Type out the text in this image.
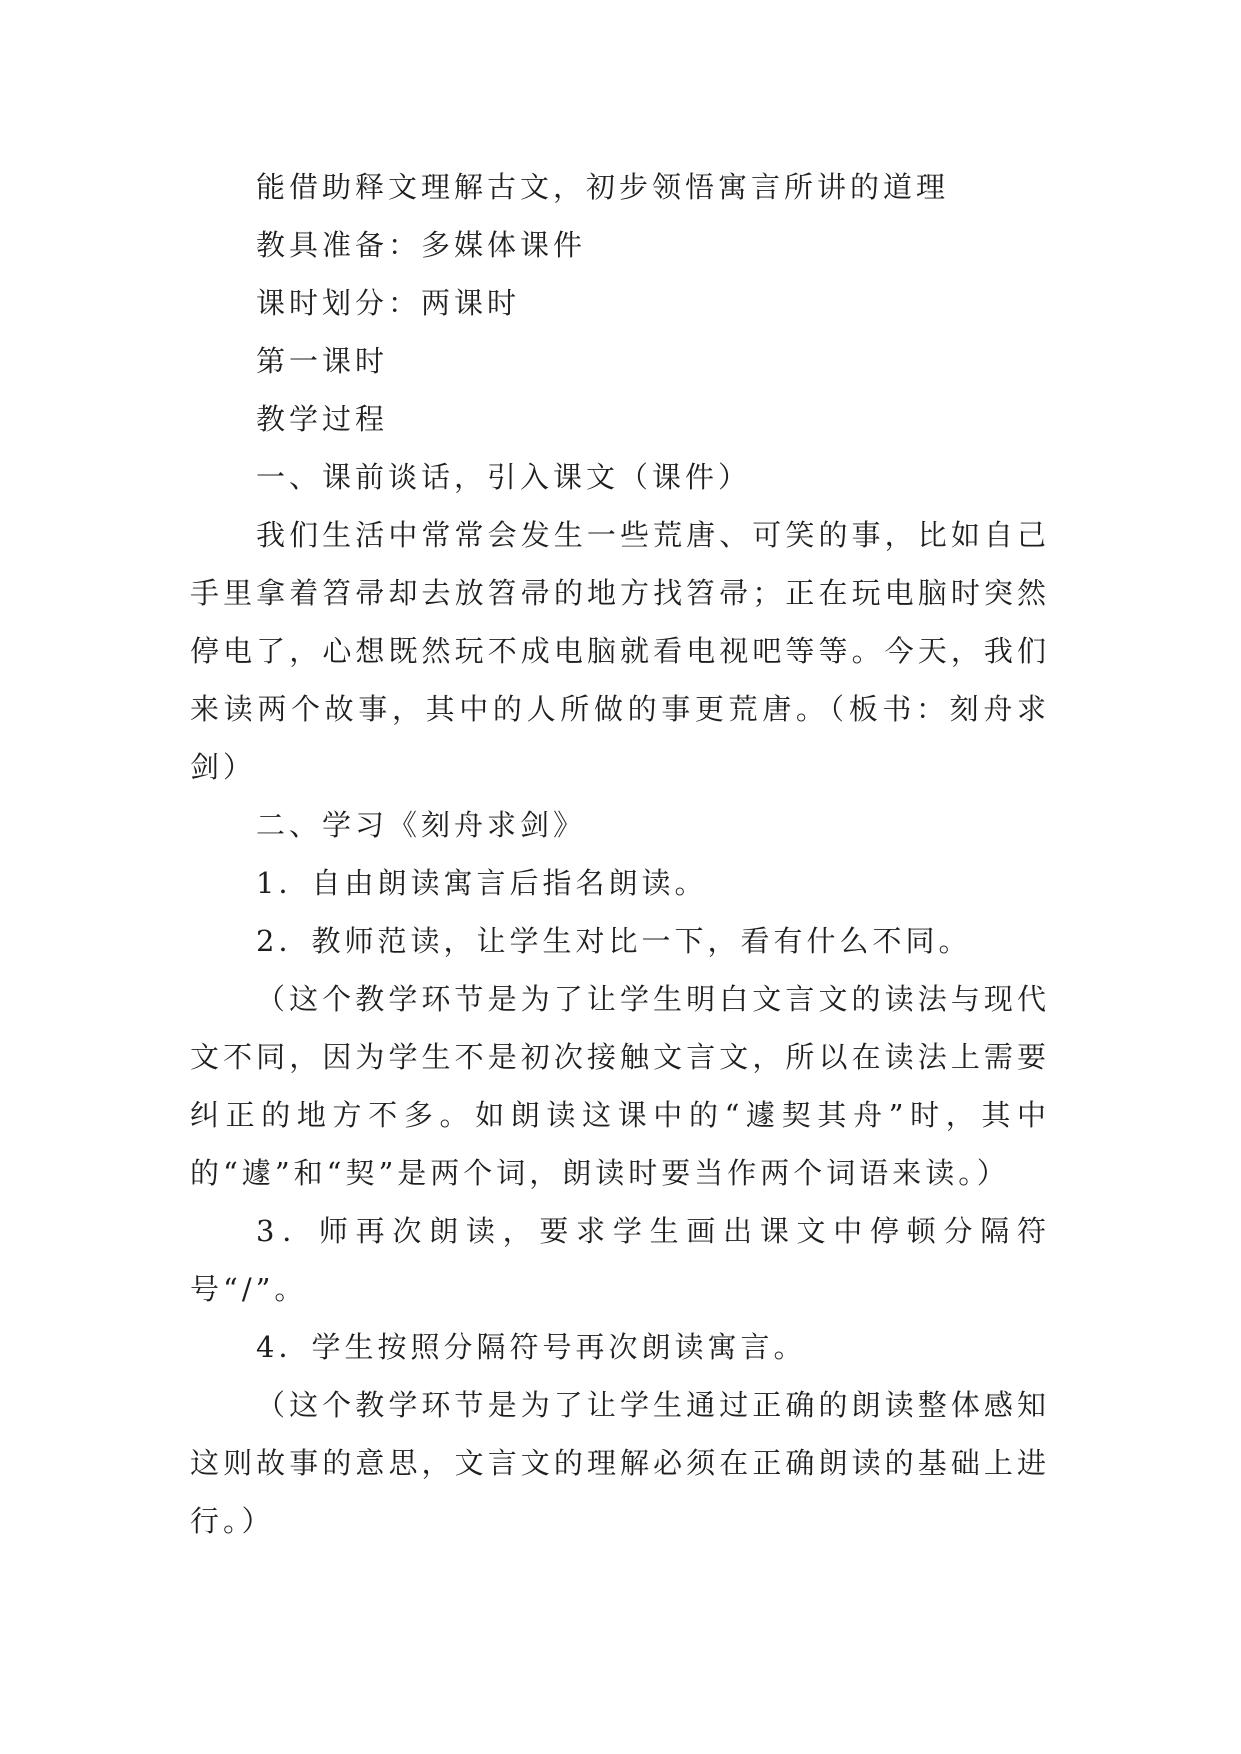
能借助释文理解古文，初步领悟寓言所讲的道理

教具准备：多媒体课件

课时划分：两课时

第一课时

教学过程

一、课前谈话，引入课文（课件）

我们生活中常常会发生一些荒唐、可笑的事，比如自己手里拿着笤帚却去放笤帚的地方找笤帚；正在玩电脑时突然停电了，心想既然玩不成电脑就看电视吧等等。今天，我们来读两个故事，其中的人所做的事更荒唐。（板书：刻舟求剑）

二、学习《刻舟求剑》

1．自由朗读寓言后指名朗读。

2．教师范读，让学生对比一下，看有什么不同。

（这个教学环节是为了让学生明白文言文的读法与现代文不同，因为学生不是初次接触文言文，所以在读法上需要纠正的地方不多。如朗读这课中的“遽契其舟”时，其中的“遽”和“契”是两个词，朗读时要当作两个词语来读。）

3．师再次朗读，要求学生画出课文中停顿分隔符号“/”。

4．学生按照分隔符号再次朗读寓言。

（这个教学环节是为了让学生通过正确的朗读整体感知这则故事的意思，文言文的理解必须在正确朗读的基础上进行。）
